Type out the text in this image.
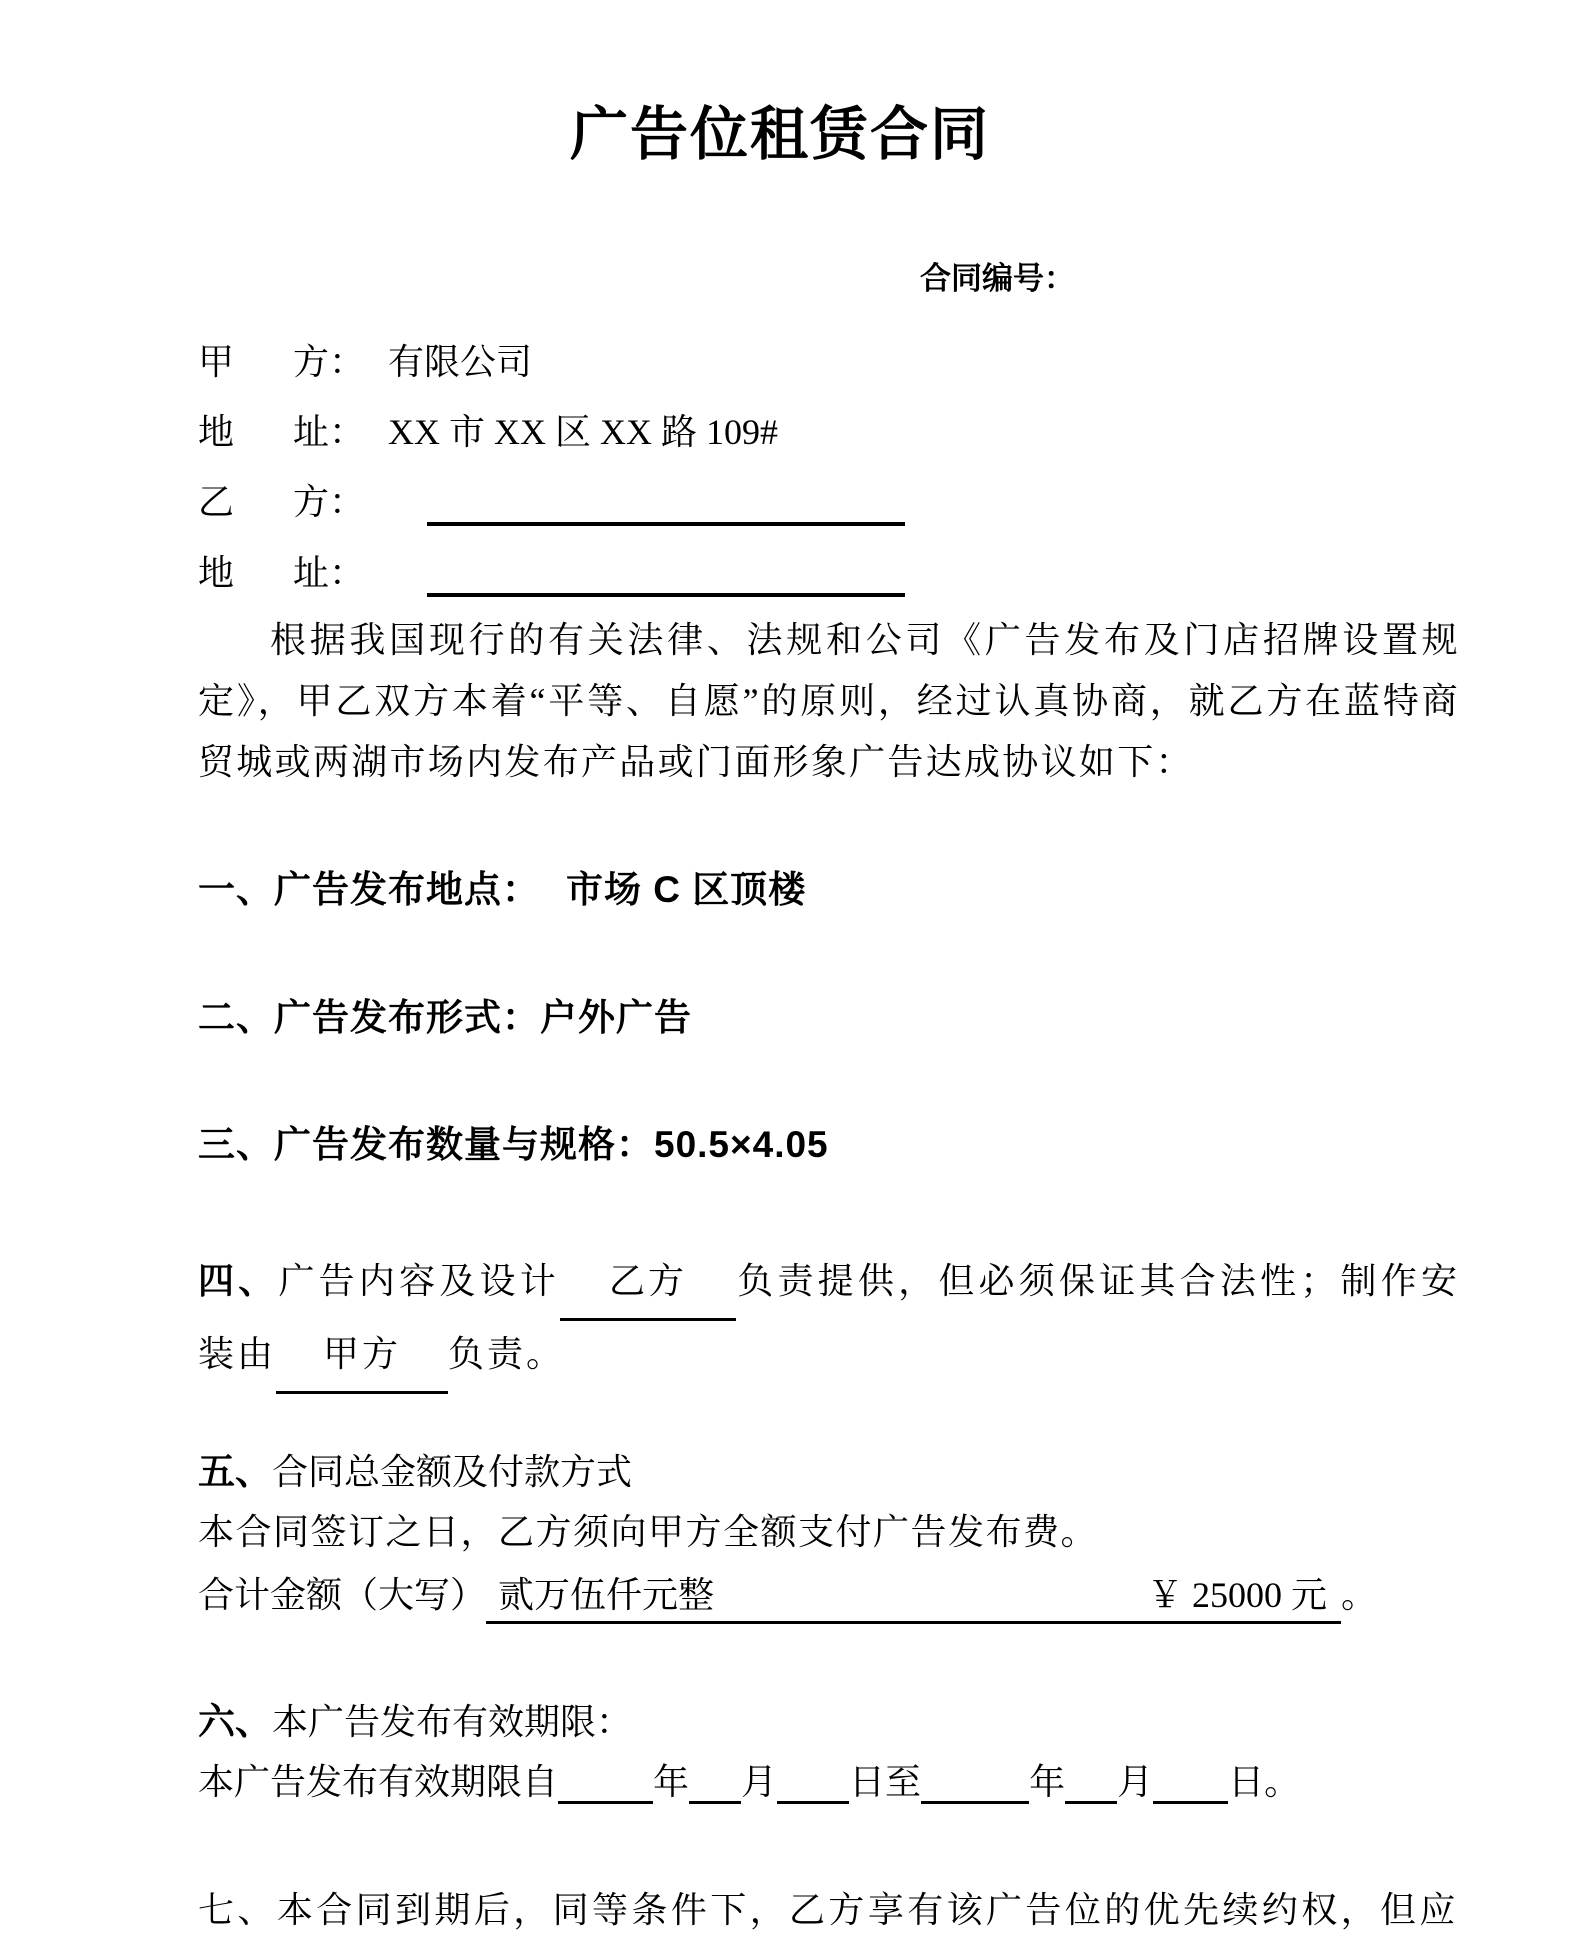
广告位租赁合同
合同编号：
甲 方： 有限公司
地 址： XX 市 XX 区 XX 路 109#
乙 方：
地 址：
根据我国现行的有关法律、法规和公司《广告发布及门店招牌设置规定》，甲乙双方本着“平等、自愿”的原则，经过认真协商，就乙方在蓝特商贸城或两湖市场内发布产品或门面形象广告达成协议如下：
一、广告发布地点： 市场 C 区顶楼
二、广告发布形式：户外广告
三、广告发布数量与规格：50.5×4.05
四、广告内容及设计 乙方 负责提供，但必须保证其合法性；制作安装由 甲方 负责。
五、合同总金额及付款方式
本合同签订之日，乙方须向甲方全额支付广告发布费。
合计金额（大写） 贰万伍仟元整	￥ 25000 元 。
六、本广告发布有效期限：
本广告发布有效期限自	年 月 日至	年 月 日。
七、本合同到期后，同等条件下，乙方享有该广告位的优先续约权，但应
